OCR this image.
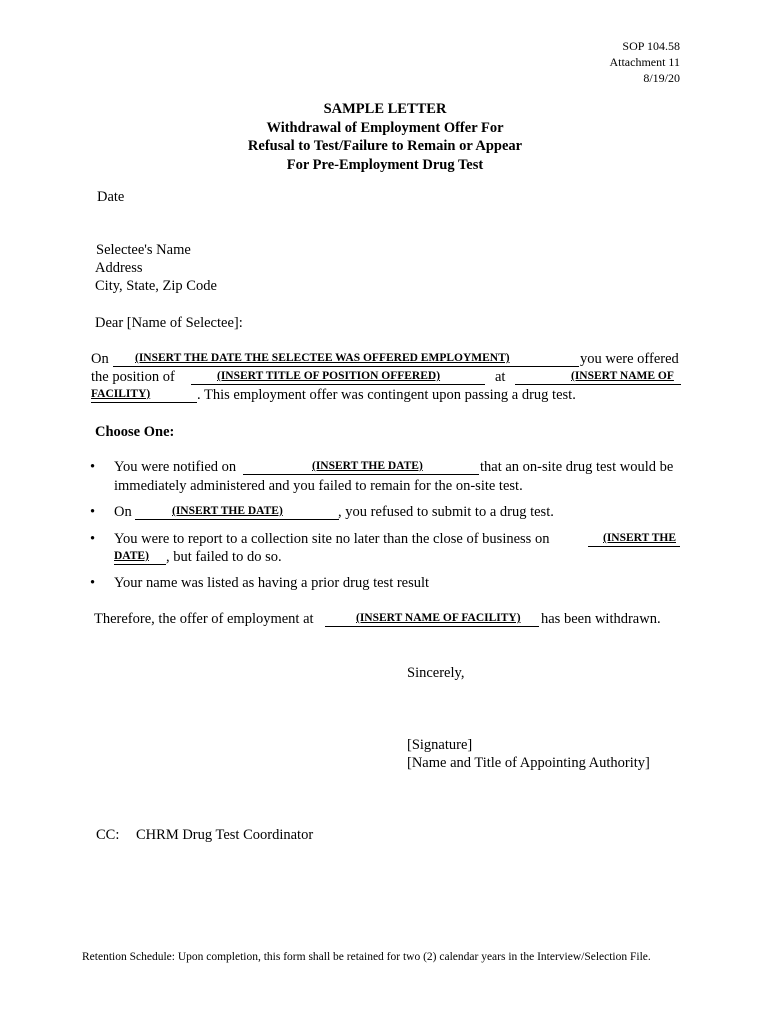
SOP 104.58
Attachment 11
8/19/20
SAMPLE LETTER
Withdrawal of Employment Offer For
Refusal to Test/Failure to Remain or Appear
For Pre-Employment Drug Test
Date
Selectee's Name
Address
City, State, Zip Code
Dear [Name of Selectee]:
On (INSERT THE DATE THE SELECTEE WAS OFFERED EMPLOYMENT)	you were offered
the position of	(INSERT TITLE OF POSITION OFFERED)	at	(INSERT NAME OF
FACILITY)	. This employment offer was contingent upon passing a drug test.
Choose One:
• You were notified on	(INSERT THE DATE)	that an on-site drug test would be
immediately administered and you failed to remain for the on-site test.
• On	(INSERT THE DATE)	, you refused to submit to a drug test.
• You were to report to a collection site no later than the close of business on	(INSERT THE
DATE) , but failed to do so.
• Your name was listed as having a prior drug test result
Therefore, the offer of employment at	(INSERT NAME OF FACILITY) has been withdrawn.
Sincerely,
[Signature]
[Name and Title of Appointing Authority]
CC: CHRM Drug Test Coordinator
Retention Schedule: Upon completion, this form shall be retained for two (2) calendar years in the Interview/Selection File.
